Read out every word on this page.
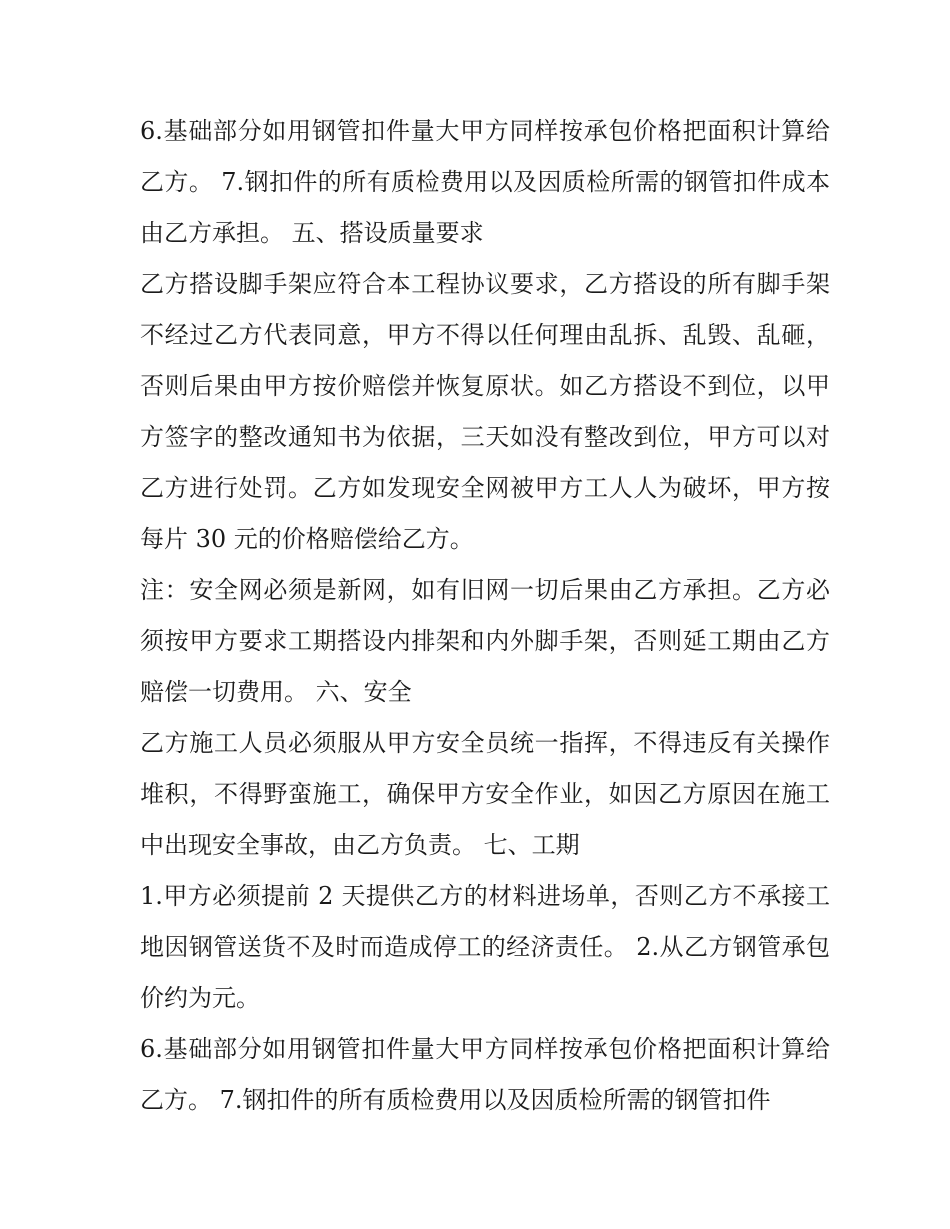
6.基础部分如用钢管扣件量大甲方同样按承包价格把面积计算给乙方。 7.钢扣件的所有质检费用以及因质检所需的钢管扣件成本由乙方承担。 五、搭设质量要求

乙方搭设脚手架应符合本工程协议要求，乙方搭设的所有脚手架不经过乙方代表同意，甲方不得以任何理由乱拆、乱毁、乱砸，否则后果由甲方按价赔偿并恢复原状。如乙方搭设不到位，以甲方签字的整改通知书为依据，三天如没有整改到位，甲方可以对乙方进行处罚。乙方如发现安全网被甲方工人人为破坏，甲方按每片 30 元的价格赔偿给乙方。

注：安全网必须是新网，如有旧网一切后果由乙方承担。乙方必须按甲方要求工期搭设内排架和内外脚手架，否则延工期由乙方赔偿一切费用。 六、安全

乙方施工人员必须服从甲方安全员统一指挥，不得违反有关操作堆积，不得野蛮施工，确保甲方安全作业，如因乙方原因在施工中出现安全事故，由乙方负责。 七、工期

1.甲方必须提前 2 天提供乙方的材料进场单，否则乙方不承接工地因钢管送货不及时而造成停工的经济责任。 2.从乙方钢管承包价约为元。

6.基础部分如用钢管扣件量大甲方同样按承包价格把面积计算给乙方。 7.钢扣件的所有质检费用以及因质检所需的钢管扣件
